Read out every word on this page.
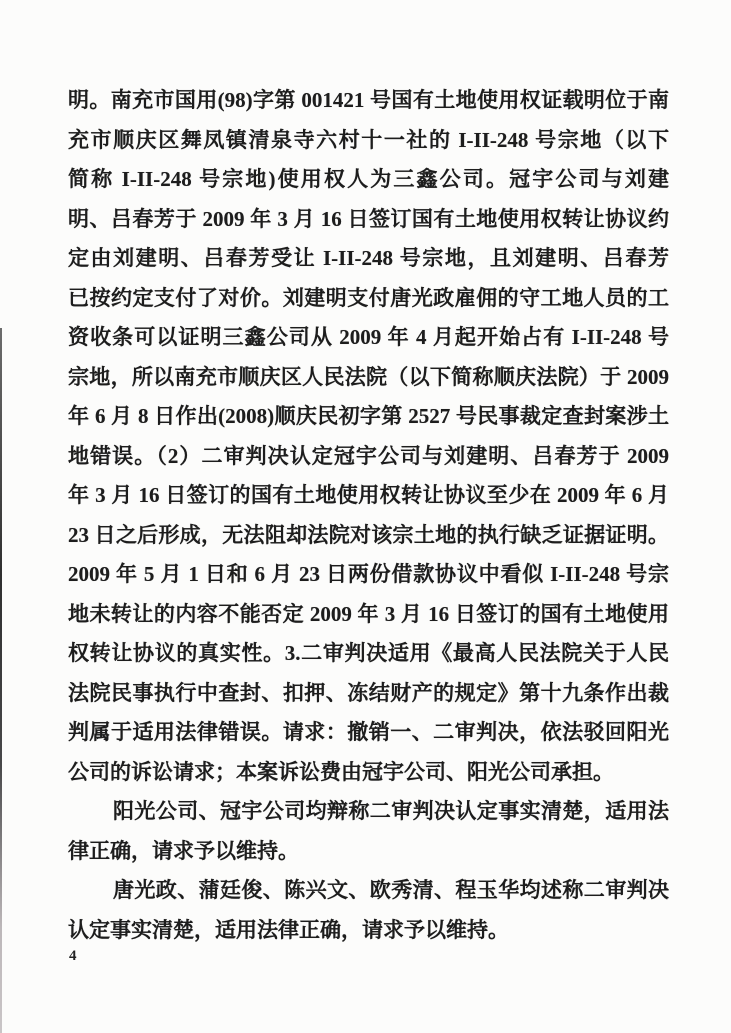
明。南充市国用(98)字第 001421 号国有土地使用权证载明位于南
充市顺庆区舞凤镇清泉寺六村十一社的 I-II-248 号宗地（以下
简称 I-II-248 号宗地)使用权人为三鑫公司。冠宇公司与刘建
明、吕春芳于 2009 年 3 月 16 日签订国有土地使用权转让协议约
定由刘建明、吕春芳受让 I-II-248 号宗地，且刘建明、吕春芳
已按约定支付了对价。刘建明支付唐光政雇佣的守工地人员的工
资收条可以证明三鑫公司从 2009 年 4 月起开始占有 I-II-248 号
宗地，所以南充市顺庆区人民法院（以下简称顺庆法院）于 2009
年 6 月 8 日作出(2008)顺庆民初字第 2527 号民事裁定查封案涉土
地错误。（2）二审判决认定冠宇公司与刘建明、吕春芳于 2009
年 3 月 16 日签订的国有土地使用权转让协议至少在 2009 年 6 月
23 日之后形成，无法阻却法院对该宗土地的执行缺乏证据证明。
2009 年 5 月 1 日和 6 月 23 日两份借款协议中看似 I-II-248 号宗
地未转让的内容不能否定 2009 年 3 月 16 日签订的国有土地使用
权转让协议的真实性。3.二审判决适用《最高人民法院关于人民
法院民事执行中查封、扣押、冻结财产的规定》第十九条作出裁
判属于适用法律错误。请求：撤销一、二审判决，依法驳回阳光
公司的诉讼请求；本案诉讼费由冠宇公司、阳光公司承担。
阳光公司、冠宇公司均辩称二审判决认定事实清楚，适用法
律正确，请求予以维持。
唐光政、蒲廷俊、陈兴文、欧秀清、程玉华均述称二审判决
认定事实清楚，适用法律正确，请求予以维持。
4
